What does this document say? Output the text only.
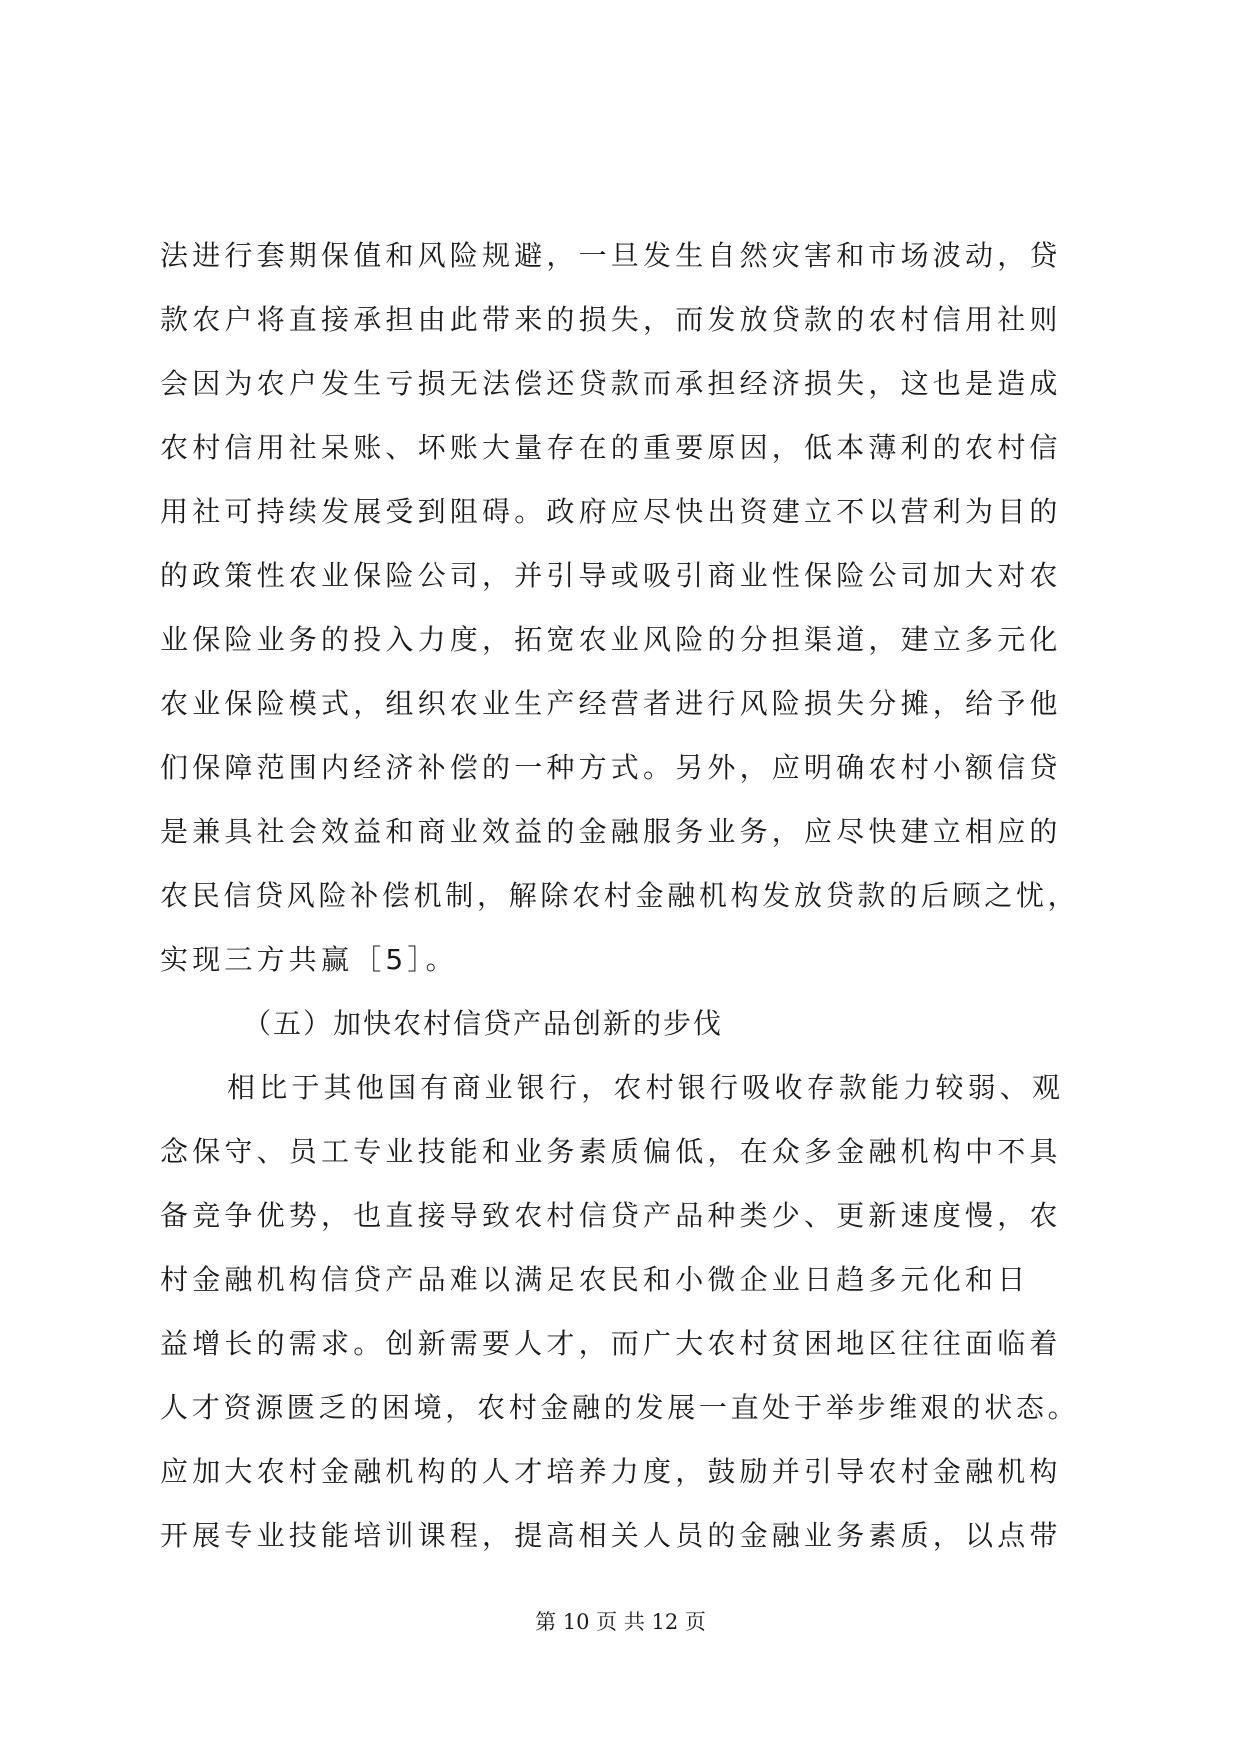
法进行套期保值和风险规避，一旦发生自然灾害和市场波动，贷
款农户将直接承担由此带来的损失，而发放贷款的农村信用社则
会因为农户发生亏损无法偿还贷款而承担经济损失，这也是造成
农村信用社呆账、坏账大量存在的重要原因，低本薄利的农村信
用社可持续发展受到阻碍。政府应尽快出资建立不以营利为目的
的政策性农业保险公司，并引导或吸引商业性保险公司加大对农
业保险业务的投入力度，拓宽农业风险的分担渠道，建立多元化
农业保险模式，组织农业生产经营者进行风险损失分摊，给予他
们保障范围内经济补偿的一种方式。另外，应明确农村小额信贷
是兼具社会效益和商业效益的金融服务业务，应尽快建立相应的
农民信贷风险补偿机制，解除农村金融机构发放贷款的后顾之忧，
实现三方共赢［5］。
（五）加快农村信贷产品创新的步伐
相比于其他国有商业银行，农村银行吸收存款能力较弱、观
念保守、员工专业技能和业务素质偏低，在众多金融机构中不具
备竞争优势，也直接导致农村信贷产品种类少、更新速度慢，农
村金融机构信贷产品难以满足农民和小微企业日趋多元化和日
益增长的需求。创新需要人才，而广大农村贫困地区往往面临着
人才资源匮乏的困境，农村金融的发展一直处于举步维艰的状态。
应加大农村金融机构的人才培养力度，鼓励并引导农村金融机构
开展专业技能培训课程，提高相关人员的金融业务素质，以点带
第 10 页 共 12 页
